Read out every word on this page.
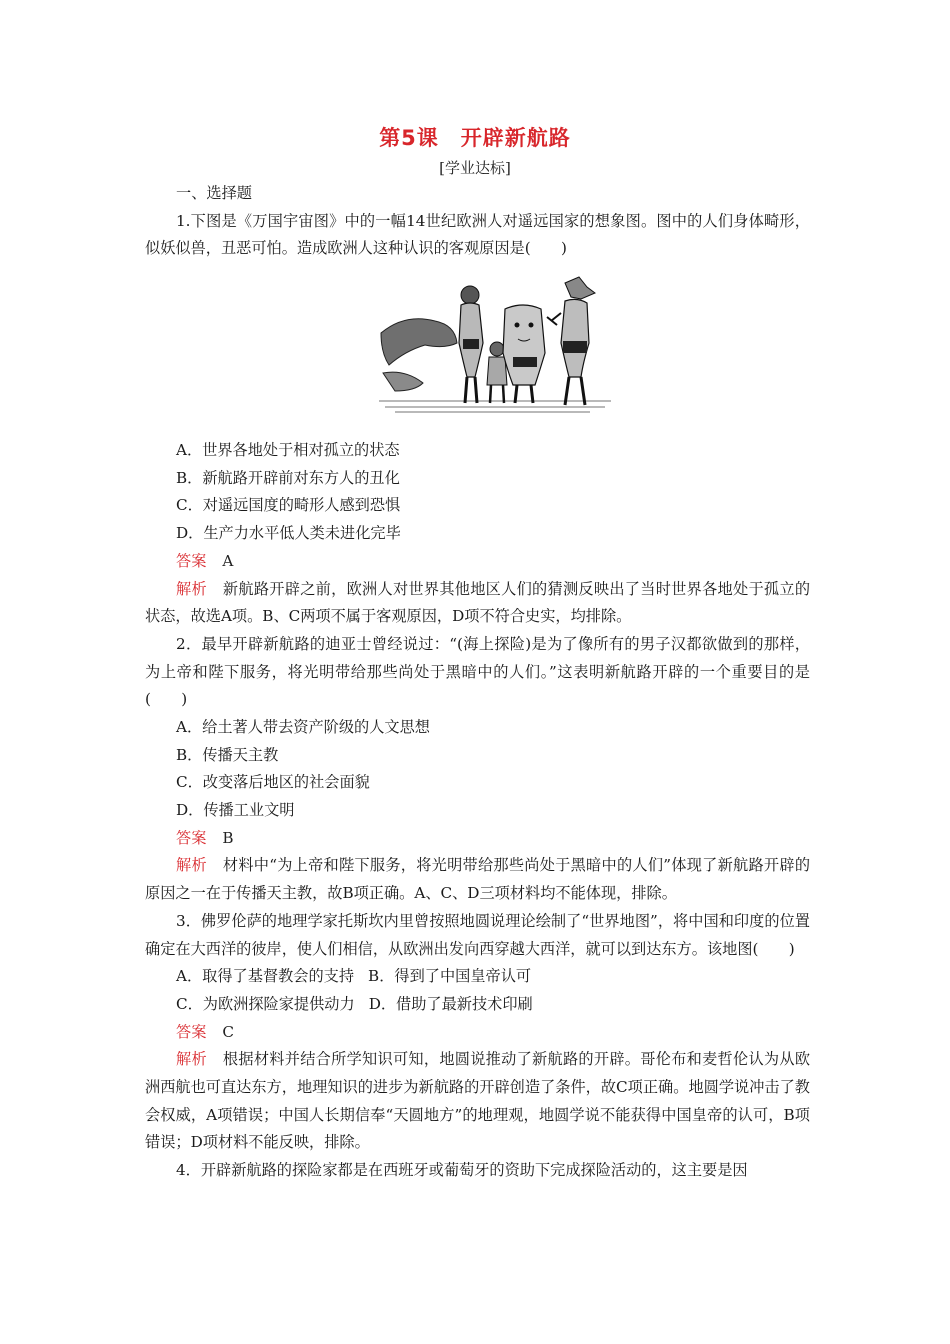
第5课　开辟新航路
[学业达标]
一、选择题
1.下图是《万国宇宙图》中的一幅14世纪欧洲人对遥远国家的想象图。图中的人们身体畸形，似妖似兽，丑恶可怕。造成欧洲人这种认识的客观原因是(　　)
A．世界各地处于相对孤立的状态
B．新航路开辟前对东方人的丑化
C．对遥远国度的畸形人感到恐惧
D．生产力水平低人类未进化完毕
答案 A
解析 新航路开辟之前，欧洲人对世界其他地区人们的猜测反映出了当时世界各地处于孤立的状态，故选A项。B、C两项不属于客观原因，D项不符合史实，均排除。
2．最早开辟新航路的迪亚士曾经说过：“(海上探险)是为了像所有的男子汉都欲做到的那样，为上帝和陛下服务，将光明带给那些尚处于黑暗中的人们。”这表明新航路开辟的一个重要目的是(　　)
A．给土著人带去资产阶级的人文思想
B．传播天主教
C．改变落后地区的社会面貌
D．传播工业文明
答案 B
解析 材料中“为上帝和陛下服务，将光明带给那些尚处于黑暗中的人们”体现了新航路开辟的原因之一在于传播天主教，故B项正确。A、C、D三项材料均不能体现，排除。
3．佛罗伦萨的地理学家托斯坎内里曾按照地圆说理论绘制了“世界地图”，将中国和印度的位置确定在大西洋的彼岸，使人们相信，从欧洲出发向西穿越大西洋，就可以到达东方。该地图(　　)
A．取得了基督教会的支持 B．得到了中国皇帝认可
C．为欧洲探险家提供动力 D．借助了最新技术印刷
答案 C
解析 根据材料并结合所学知识可知，地圆说推动了新航路的开辟。哥伦布和麦哲伦认为从欧洲西航也可直达东方，地理知识的进步为新航路的开辟创造了条件，故C项正确。地圆学说冲击了教会权威，A项错误；中国人长期信奉“天圆地方”的地理观，地圆学说不能获得中国皇帝的认可，B项错误；D项材料不能反映，排除。
4．开辟新航路的探险家都是在西班牙或葡萄牙的资助下完成探险活动的，这主要是因
